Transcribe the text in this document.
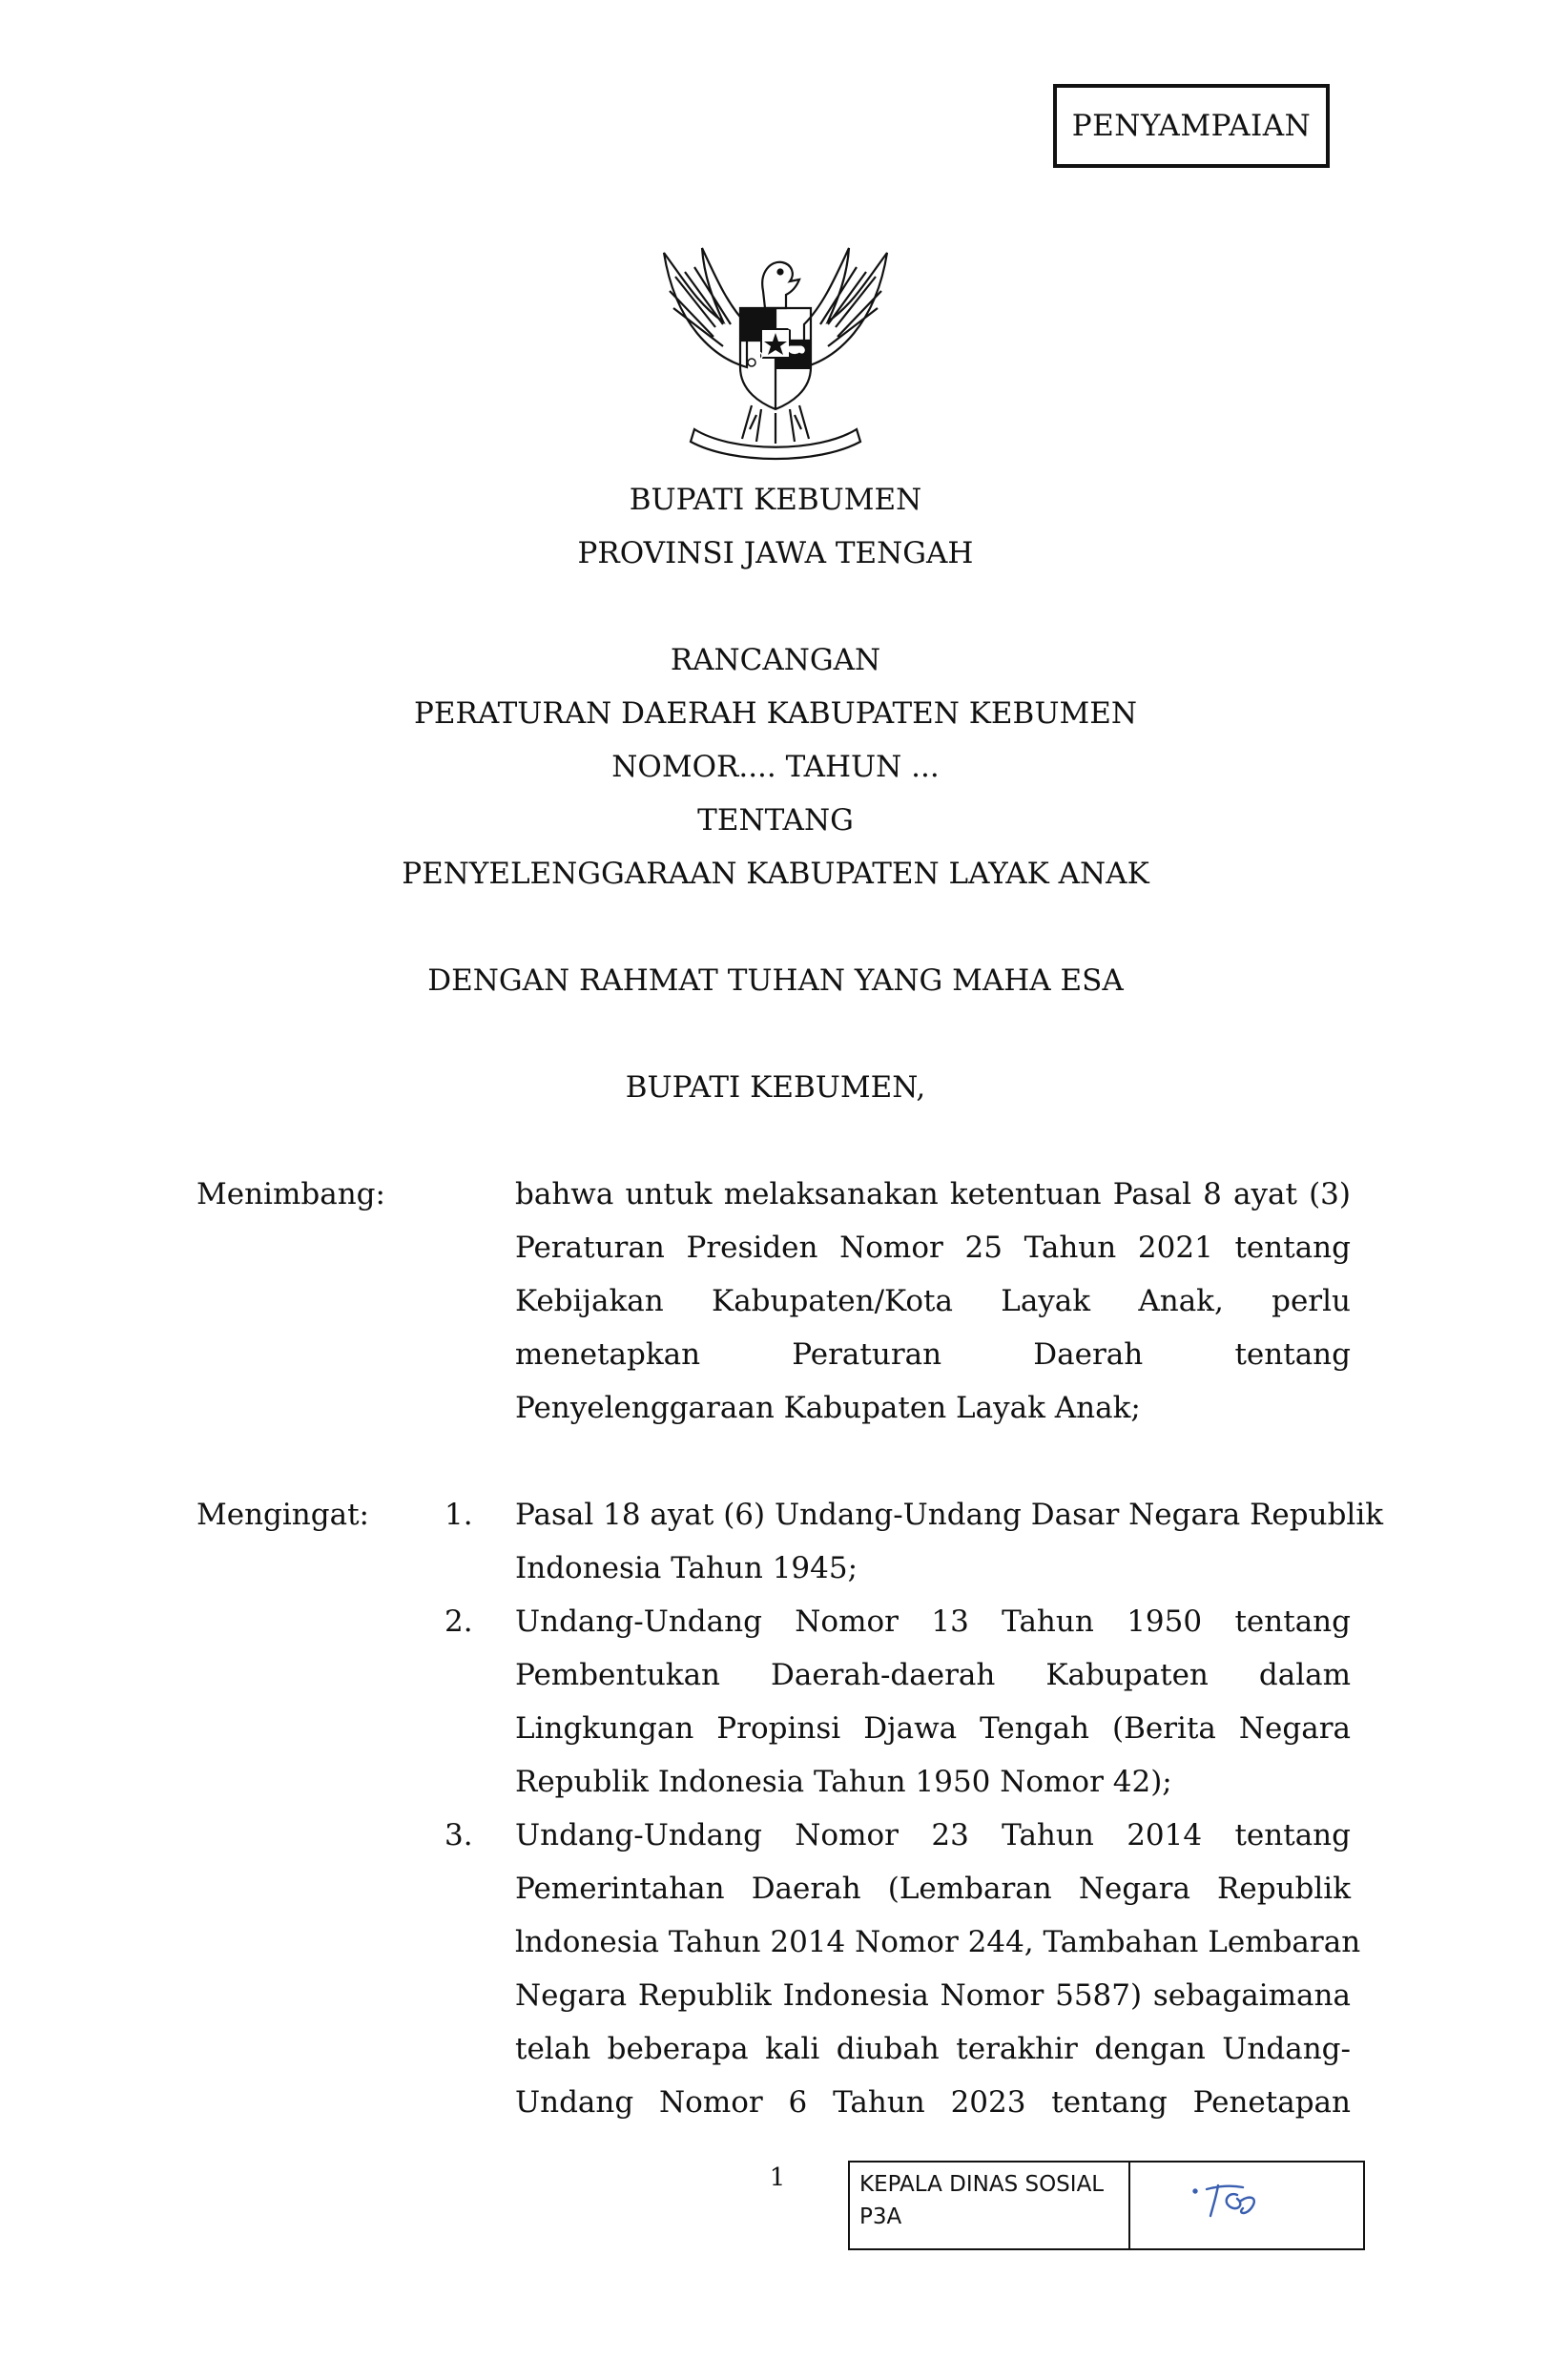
PENYAMPAIAN
BUPATI KEBUMEN
PROVINSI JAWA TENGAH
RANCANGAN
PERATURAN DAERAH KABUPATEN KEBUMEN
NOMOR.... TAHUN ...
TENTANG
PENYELENGGARAAN KABUPATEN LAYAK ANAK
DENGAN RAHMAT TUHAN YANG MAHA ESA
BUPATI KEBUMEN,
Menimbang:	bahwa untuk melaksanakan ketentuan Pasal 8 ayat (3)
Peraturan Presiden Nomor 25 Tahun 2021 tentang
Kebijakan Kabupaten/Kota Layak Anak, perlu
menetapkan Peraturan Daerah tentang
Penyelenggaraan Kabupaten Layak Anak;
Mengingat:	1. Pasal 18 ayat (6) Undang-Undang Dasar Negara Republik
Indonesia Tahun 1945;
2. Undang-Undang Nomor 13 Tahun 1950 tentang
Pembentukan Daerah-daerah Kabupaten dalam
Lingkungan Propinsi Djawa Tengah (Berita Negara
Republik Indonesia Tahun 1950 Nomor 42);
3. Undang-Undang Nomor 23 Tahun 2014 tentang
Pemerintahan Daerah (Lembaran Negara Republik
lndonesia Tahun 2014 Nomor 244, Tambahan Lembaran
Negara Republik Indonesia Nomor 5587) sebagaimana
telah beberapa kali diubah terakhir dengan Undang-
Undang Nomor 6 Tahun 2023 tentang Penetapan
1	KEPALA DINAS SOSIAL
P3A
